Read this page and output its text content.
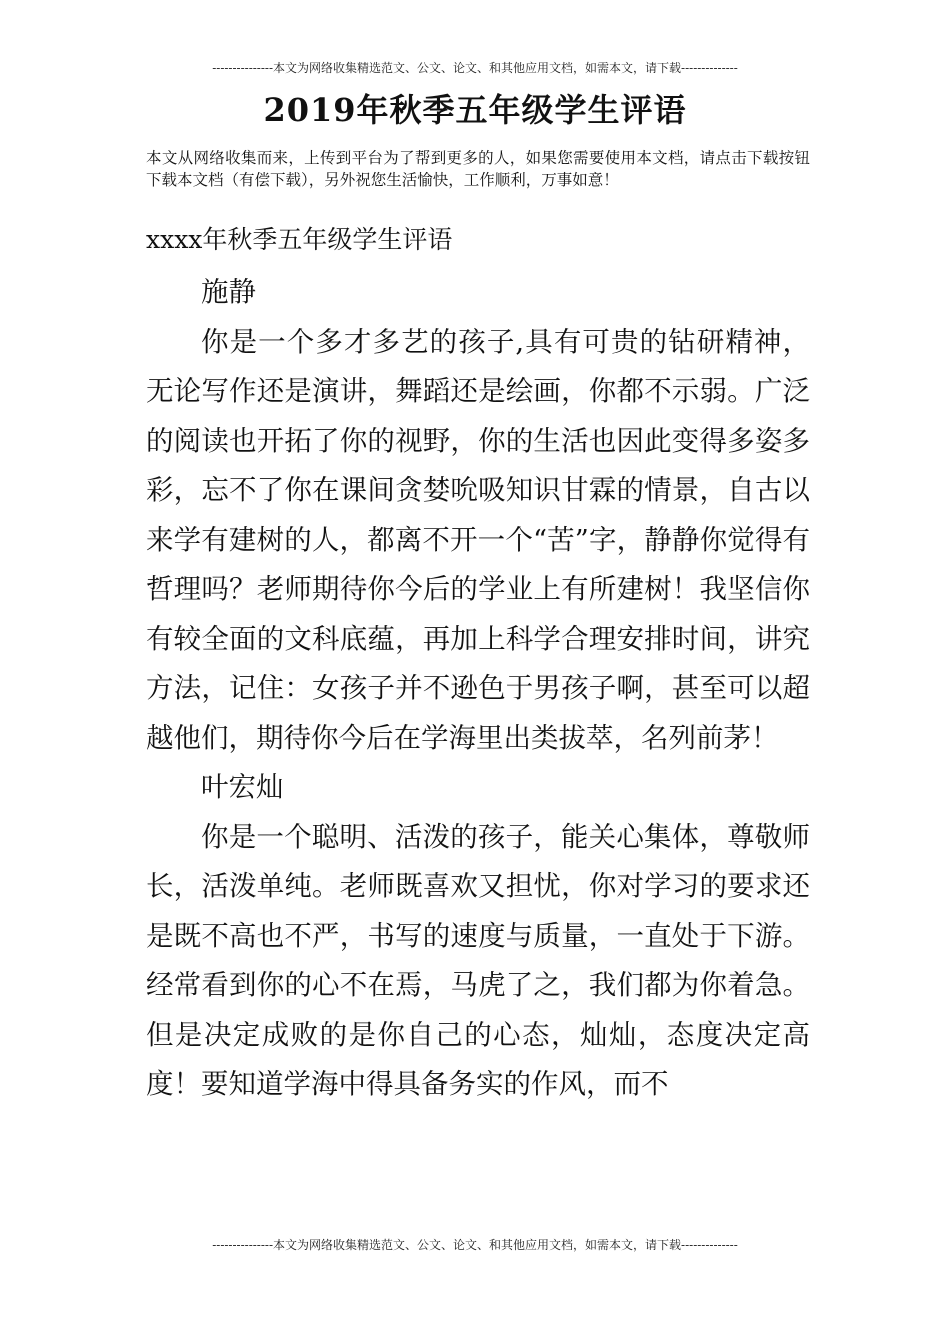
---------------本文为网络收集精选范文、公文、论文、和其他应用文档，如需本文，请下载--------------
2019年秋季五年级学生评语
本文从网络收集而来，上传到平台为了帮到更多的人，如果您需要使用本文档，请点击下载按钮下载本文档（有偿下载），另外祝您生活愉快，工作顺利，万事如意！
xxxx年秋季五年级学生评语

施静

你是一个多才多艺的孩子,具有可贵的钻研精神，无论写作还是演讲，舞蹈还是绘画，你都不示弱。广泛的阅读也开拓了你的视野，你的生活也因此变得多姿多彩，忘不了你在课间贪婪吮吸知识甘霖的情景，自古以来学有建树的人，都离不开一个“苦”字，静静你觉得有哲理吗？老师期待你今后的学业上有所建树！我坚信你有较全面的文科底蕴，再加上科学合理安排时间，讲究方法，记住：女孩子并不逊色于男孩子啊，甚至可以超越他们，期待你今后在学海里出类拔萃，名列前茅！

叶宏灿

你是一个聪明、活泼的孩子，能关心集体，尊敬师长，活泼单纯。老师既喜欢又担忧，你对学习的要求还是既不高也不严，书写的速度与质量，一直处于下游。经常看到你的心不在焉，马虎了之，我们都为你着急。但是决定成败的是你自己的心态，灿灿，态度决定高度！要知道学海中得具备务实的作风，而不

---------------本文为网络收集精选范文、公文、论文、和其他应用文档，如需本文，请下载--------------
